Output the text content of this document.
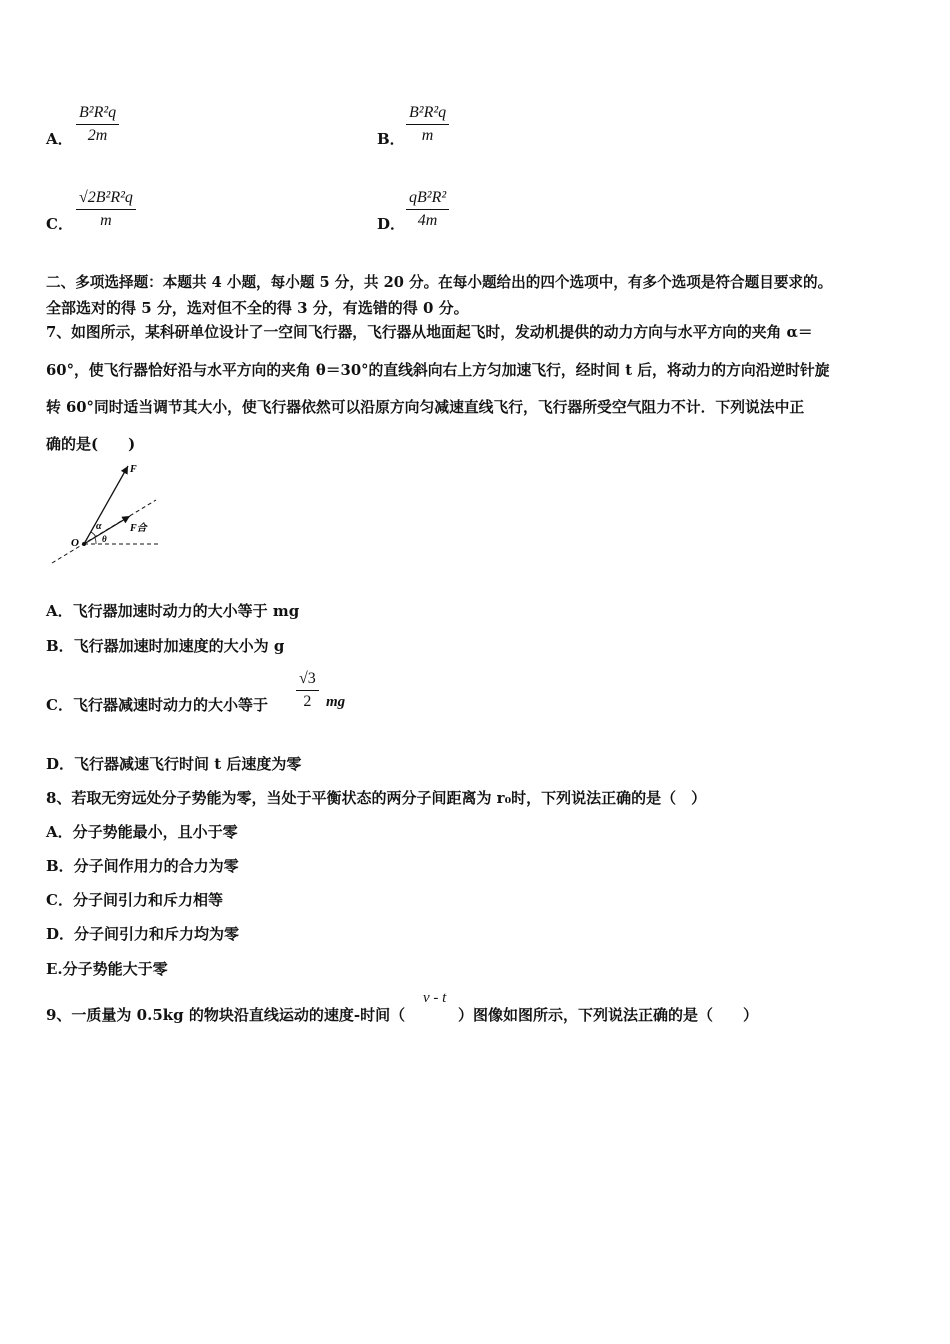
A． $\frac{\text{B²R²q}}{2m}$	B． $\frac{\text{B²R²q}}{m}$
C． $\frac{\text{√2B²R²q}}{m}$	D． $\frac{\text{qB²R²}}{4m}$
二、多项选择题：本题共 4 小题，每小题 5 分，共 20 分。在每小题给出的四个选项中，有多个选项是符合题目要求的。
全部选对的得 5 分，选对但不全的得 3 分，有选错的得 0 分。
7、如图所示，某科研单位设计了一空间飞行器，飞行器从地面起飞时，发动机提供的动力方向与水平方向的夹角 α＝
60°，使飞行器恰好沿与水平方向的夹角 θ＝30°的直线斜向右上方匀加速飞行，经时间 t 后，将动力的方向沿逆时针旋
转 60°同时适当调节其大小，使飞行器依然可以沿原方向匀减速直线飞行，飞行器所受空气阻力不计．下列说法中正
确的是(　　)
F
F合
α
θ
O
A．飞行器加速时动力的大小等于 mg
B．飞行器加速时加速度的大小为 g
C．飞行器减速时动力的大小等于 $\frac{√3}{2}$ mg
D．飞行器减速飞行时间 t 后速度为零
8、若取无穷远处分子势能为零，当处于平衡状态的两分子间距离为 r₀时，下列说法正确的是（　）
A．分子势能最小，且小于零
B．分子间作用力的合力为零
C．分子间引力和斥力相等
D．分子间引力和斥力均为零
E.分子势能大于零
9、一质量为 0.5kg 的物块沿直线运动的速度-时间（
v - t
）图像如图所示，下列说法正确的是（　　）
